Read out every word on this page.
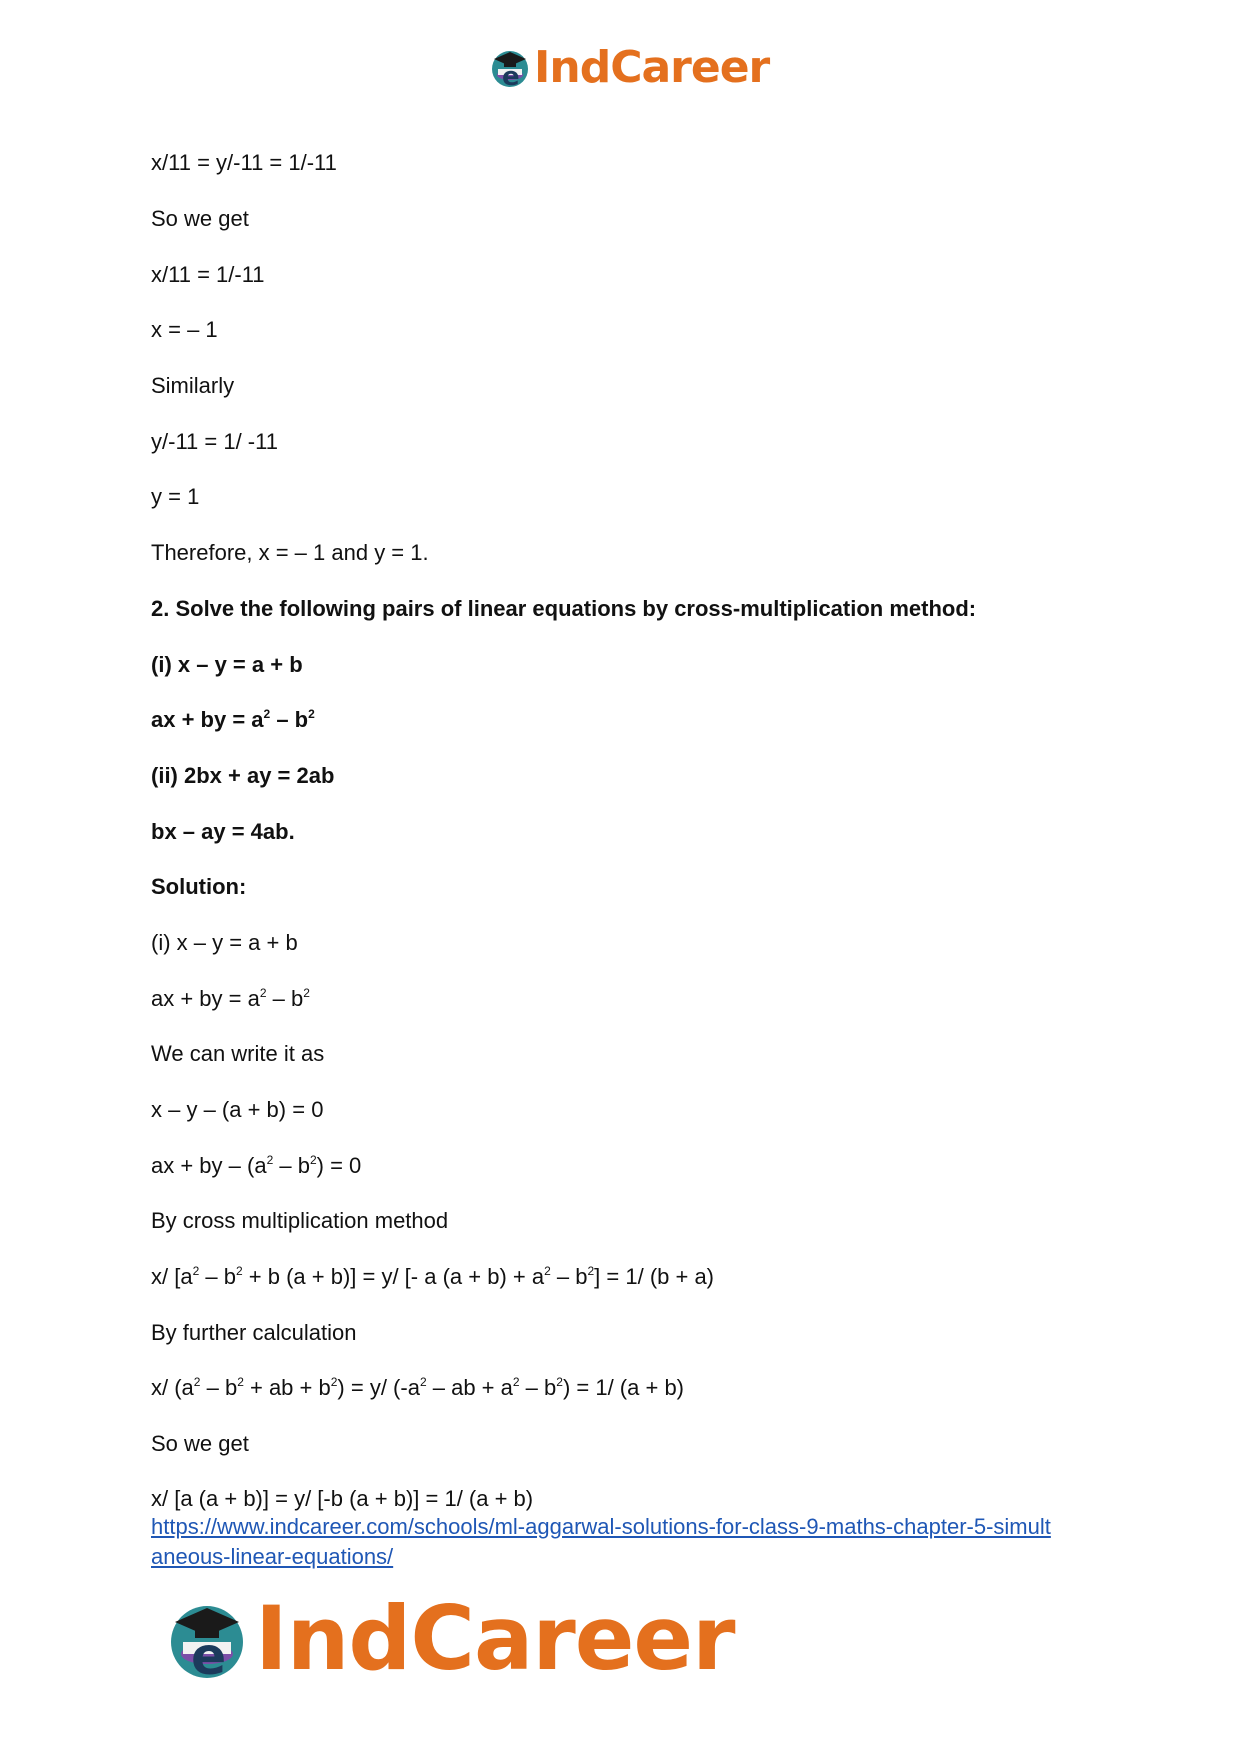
e IndCareer
x/11 = y/-11 = 1/-11
So we get
x/11 = 1/-11
x = – 1
Similarly
y/-11 = 1/ -11
y = 1
Therefore, x = – 1 and y = 1.
2. Solve the following pairs of linear equations by cross-multiplication method:
(i) x – y = a + b
ax + by = $a^2 - b^2$
(ii) 2bx + ay = 2ab
bx – ay = 4ab.
Solution:
(i) x – y = a + b
ax + by = $a^2 - b^2$
We can write it as
x – y – (a + b) = 0
ax + by – $(a^2 - b^2) = 0$
By cross multiplication method
x/ [$a^2 - b^2 + b$ (a + b)] = y/ [- a $(a + b) + a^2 - b^2] = 1/$ (b + a)
By further calculation
x/ ($a^2 - b^2$ + ab + $b^2) = y/$ ($-a^2$ – ab + $a^2 - b^2) = 1/$ (a + b)
So we get
x/ [a (a + b)] = y/ [-b (a + b)] = 1/ (a + b)
https://www.indcareer.com/schools/ml-aggarwal-solutions-for-class-9-maths-chapter-5-simult
aneous-linear-equations/
e IndCareer
